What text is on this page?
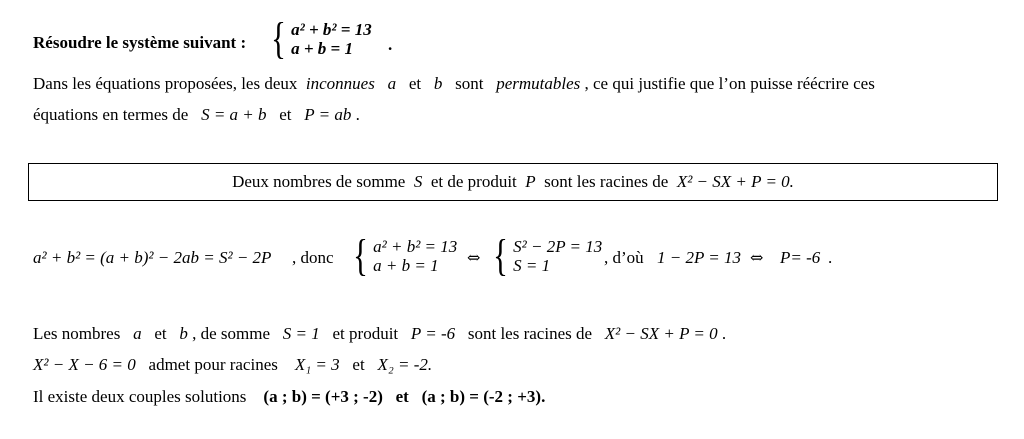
Résoudre le système suivant : { a² + b² = 13
a + b = 1	.
Dans les équations proposées, les deux inconnues a et b sont permutables , ce qui justifie que l’on puisse réécrire ces
équations en termes de S = a + b et P = ab .
Deux nombres de somme S et de produit P sont les racines de X² − SX + P = 0.
a² + b² = (a + b)² − 2ab = S² − 2P , donc { a² + b² = 13
a + b = 1	⇔ { S² − 2P = 13
S = 1	, d’où 1 − 2P = 13 ⇔ P= -6 .
Les nombres a et b , de somme S = 1 et produit P = -6 sont les racines de X² − SX + P = 0 .
X² − X − 6 = 0 admet pour racines X₁ = 3 et X₂ = -2.
Il existe deux couples solutions (a ; b) = (+3 ; -2) et (a ; b) = (-2 ; +3).
